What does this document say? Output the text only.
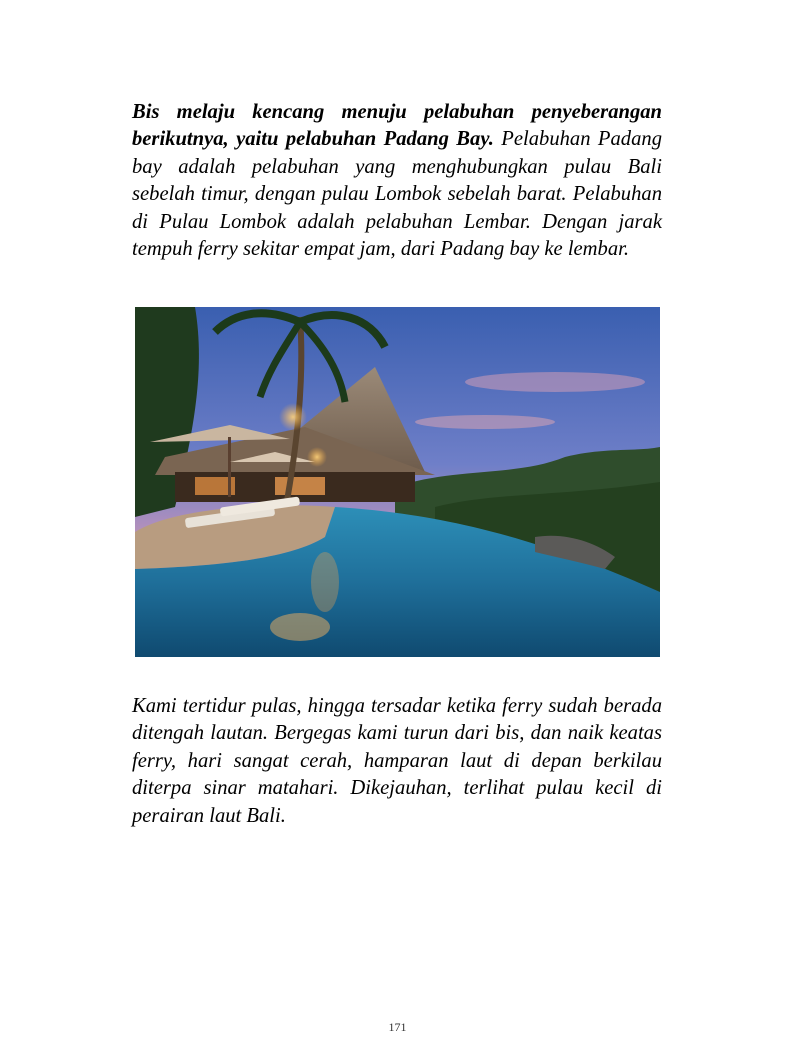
Bis melaju kencang menuju pelabuhan penyeberangan berikutnya, yaitu pelabuhan Padang Bay. Pelabuhan Padang bay adalah pelabuhan yang menghubungkan pulau Bali sebelah timur, dengan pulau Lombok sebelah barat. Pelabuhan di Pulau Lombok adalah pelabuhan Lembar. Dengan jarak tempuh ferry sekitar empat jam, dari Padang bay ke lembar.
Kami tertidur pulas, hingga tersadar ketika ferry sudah berada ditengah lautan. Bergegas kami turun dari bis, dan naik keatas ferry, hari sangat cerah, hamparan laut di depan berkilau diterpa sinar matahari. Dikejauhan, terlihat pulau kecil di perairan laut Bali.
171
